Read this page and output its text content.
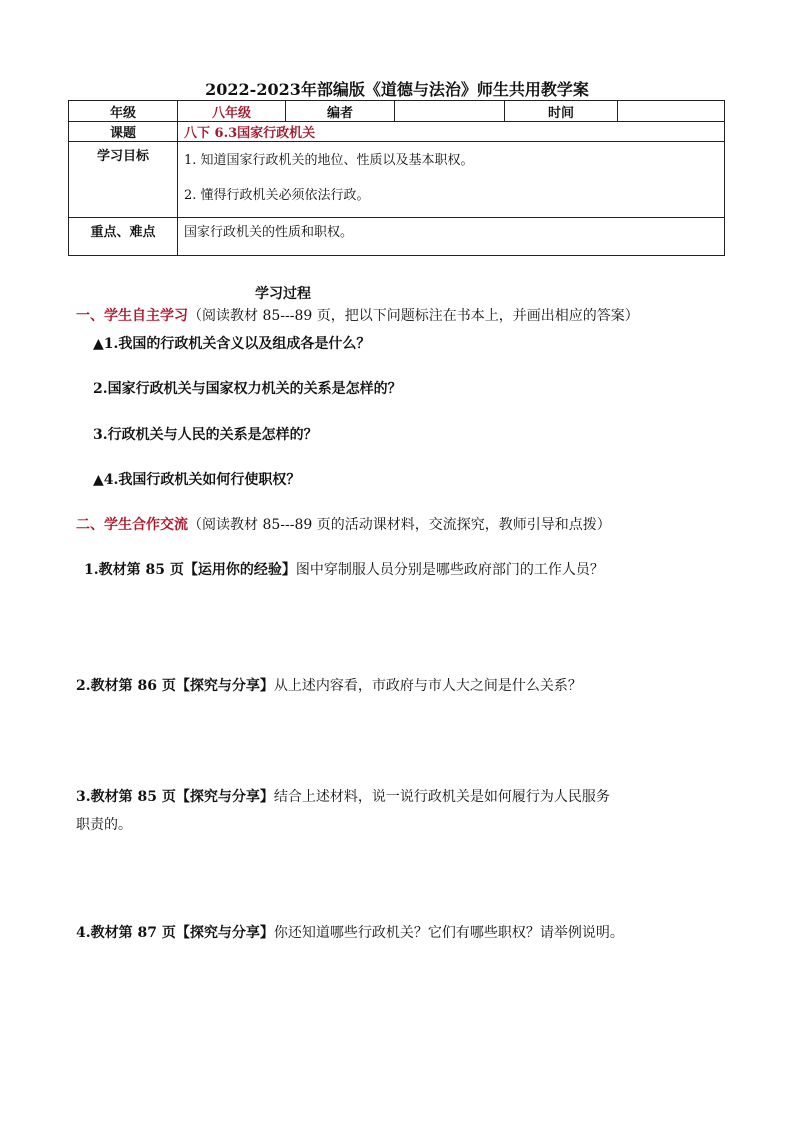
2022-2023年部编版《道德与法治》师生共用教学案
年级	八年级	编者		时间	
课题	八下 6.3国家行政机关				
学习目标	1. 知道国家行政机关的地位、性质以及基本职权。
2. 懂得行政机关必须依法行政。				

重点、难点	国家行政机关的性质和职权。				
学习过程
一、学生自主学习（阅读教材 85---89 页，把以下问题标注在书本上，并画出相应的答案）
▲1.我国的行政机关含义以及组成各是什么？
2.国家行政机关与国家权力机关的关系是怎样的？
3.行政机关与人民的关系是怎样的？
▲4.我国行政机关如何行使职权？
二、学生合作交流（阅读教材 85---89 页的活动课材料，交流探究，教师引导和点拨）
1.教材第 85 页【运用你的经验】图中穿制服人员分别是哪些政府部门的工作人员？
2.教材第 86 页【探究与分享】从上述内容看，市政府与市人大之间是什么关系？
3.教材第 85 页【探究与分享】结合上述材料，说一说行政机关是如何履行为人民服务
职责的。
4.教材第 87 页【探究与分享】你还知道哪些行政机关？它们有哪些职权？请举例说明。
